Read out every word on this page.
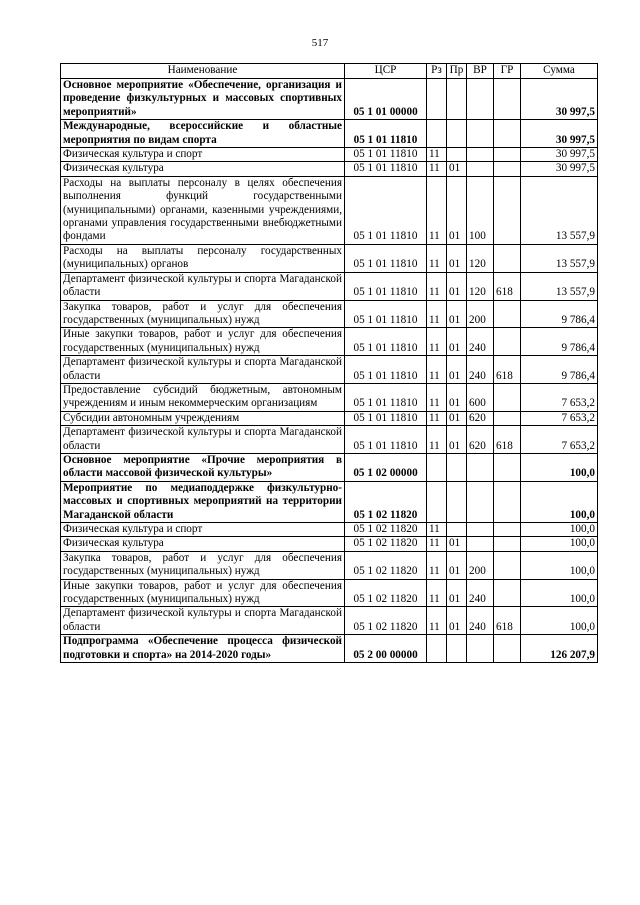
517
Наименование	ЦСР	Рз	Пр	ВР	ГР	Сумма
Основное мероприятие «Обеспечение, организация и проведение физкультурных и массовых спортивных мероприятий»	05 1 01 00000					30 997,5
Международные, всероссийские и областные мероприятия по видам спорта	05 1 01 11810					30 997,5
Физическая культура и спорт	05 1 01 11810	11				30 997,5
Физическая культура	05 1 01 11810	11	01			30 997,5
Расходы на выплаты персоналу в целях обеспечения выполнения функций государственными (муниципальными) органами, казенными учреждениями, органами управления государственными внебюджетными фондами	05 1 01 11810	11	01	100		13 557,9
Расходы на выплаты персоналу государственных (муниципальных) органов	05 1 01 11810	11	01	120		13 557,9
Департамент физической культуры и спорта Магаданской области	05 1 01 11810	11	01	120	618	13 557,9
Закупка товаров, работ и услуг для обеспечения государственных (муниципальных) нужд	05 1 01 11810	11	01	200		9 786,4
Иные закупки товаров, работ и услуг для обеспечения государственных (муниципальных) нужд	05 1 01 11810	11	01	240		9 786,4
Департамент физической культуры и спорта Магаданской области	05 1 01 11810	11	01	240	618	9 786,4
Предоставление субсидий бюджетным, автономным учреждениям и иным некоммерческим организациям	05 1 01 11810	11	01	600		7 653,2
Субсидии автономным учреждениям	05 1 01 11810	11	01	620		7 653,2
Департамент физической культуры и спорта Магаданской области	05 1 01 11810	11	01	620	618	7 653,2
Основное мероприятие «Прочие мероприятия в области массовой физической культуры»	05 1 02 00000					100,0
Мероприятие по медиаподдержке физкультурно-массовых и спортивных мероприятий на территории Магаданской области	05 1 02 11820					100,0
Физическая культура и спорт	05 1 02 11820	11				100,0
Физическая культура	05 1 02 11820	11	01			100,0
Закупка товаров, работ и услуг для обеспечения государственных (муниципальных) нужд	05 1 02 11820	11	01	200		100,0
Иные закупки товаров, работ и услуг для обеспечения государственных (муниципальных) нужд	05 1 02 11820	11	01	240		100,0
Департамент физической культуры и спорта Магаданской области	05 1 02 11820	11	01	240	618	100,0
Подпрограмма «Обеспечение процесса физической подготовки и спорта» на 2014-2020 годы»	05 2 00 00000					126 207,9
